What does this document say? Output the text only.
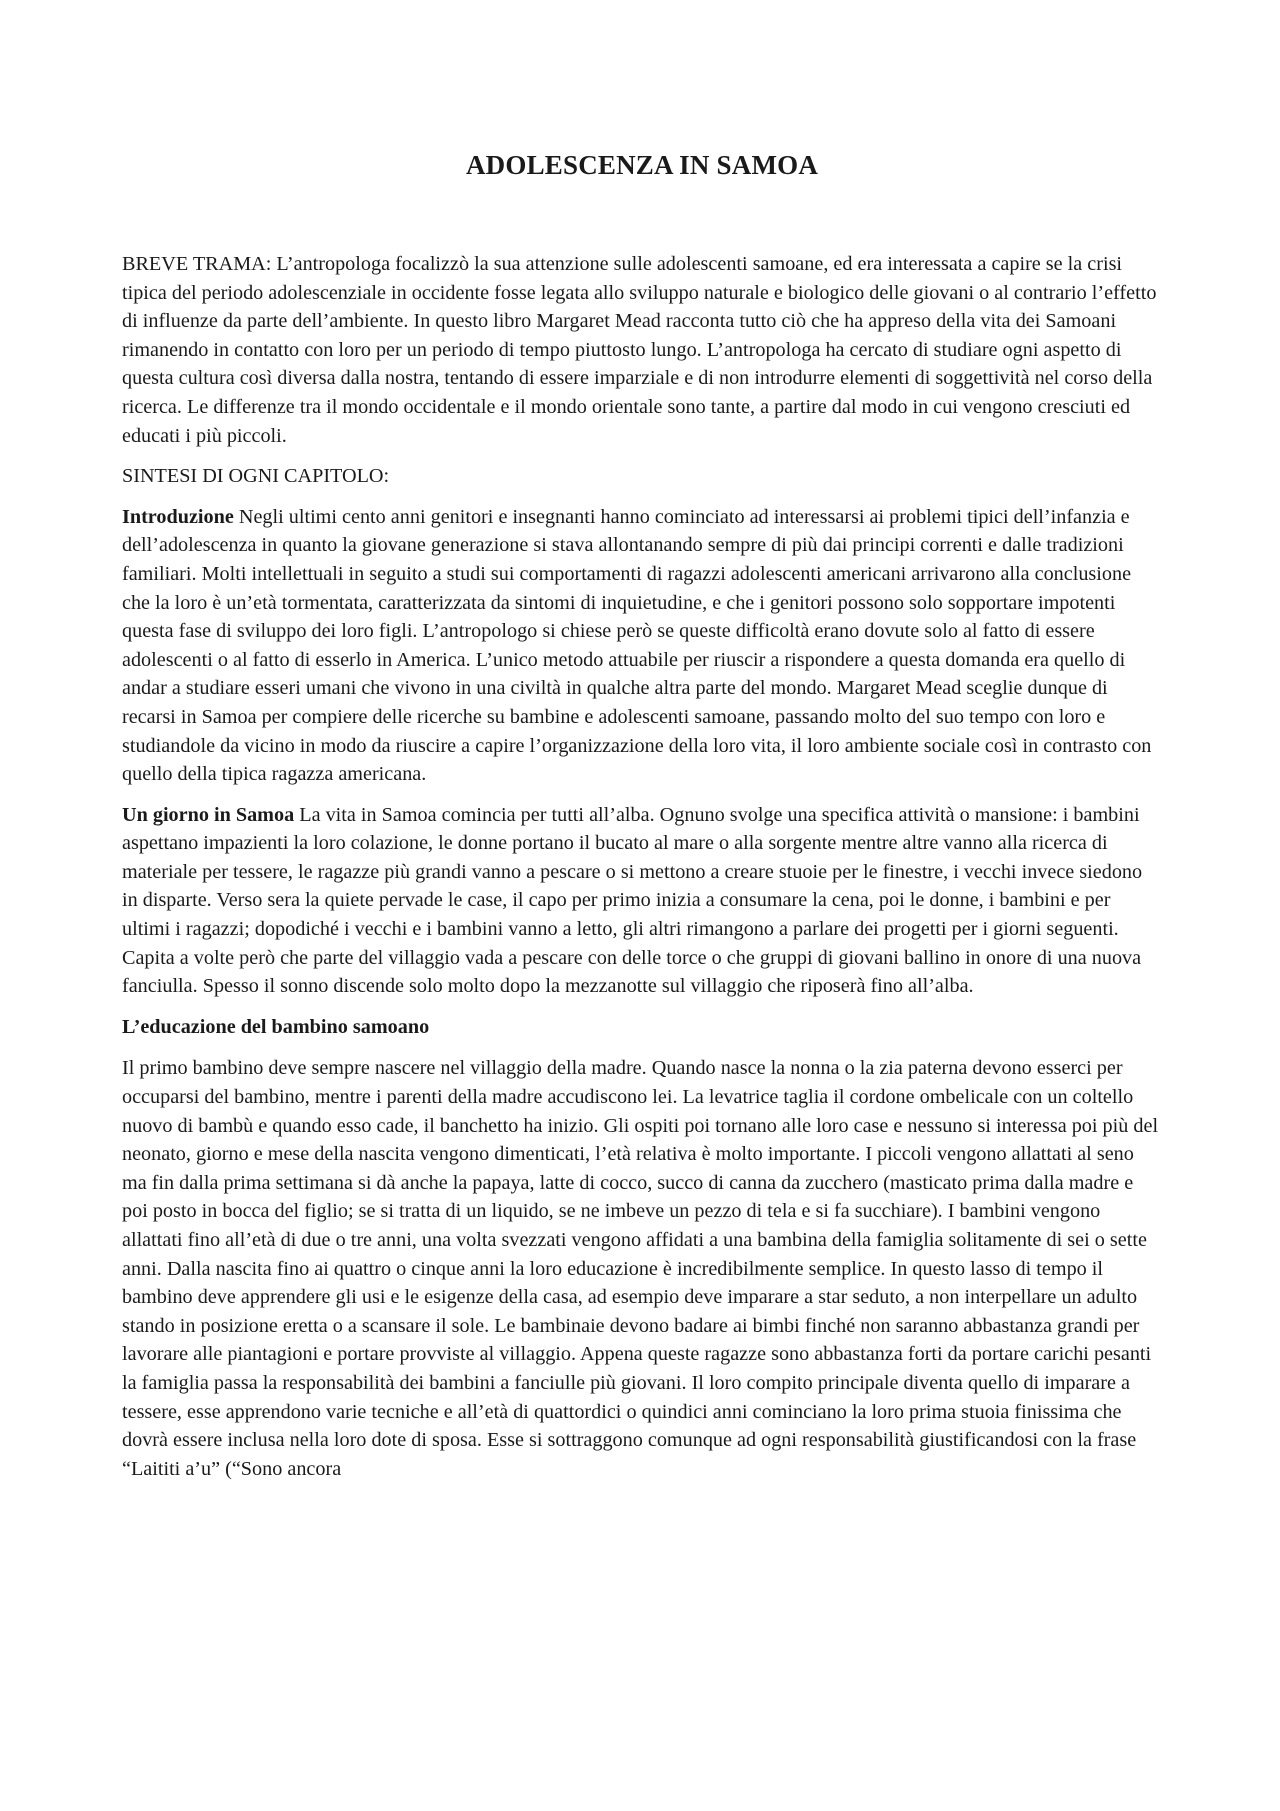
ADOLESCENZA IN SAMOA

BREVE TRAMA: L’antropologa focalizzò la sua attenzione sulle adolescenti samoane, ed era interessata a capire se la crisi tipica del periodo adolescenziale in occidente fosse legata allo sviluppo naturale e biologico delle giovani o al contrario l’effetto di influenze da parte dell’ambiente. In questo libro Margaret Mead racconta tutto ciò che ha appreso della vita dei Samoani rimanendo in contatto con loro per un periodo di tempo piuttosto lungo. L’antropologa ha cercato di studiare ogni aspetto di questa cultura così diversa dalla nostra, tentando di essere imparziale e di non introdurre elementi di soggettività nel corso della ricerca. Le differenze tra il mondo occidentale e il mondo orientale sono tante, a partire dal modo in cui vengono cresciuti ed educati i più piccoli.

SINTESI DI OGNI CAPITOLO:

Introduzione Negli ultimi cento anni genitori e insegnanti hanno cominciato ad interessarsi ai problemi tipici dell’infanzia e dell’adolescenza in quanto la giovane generazione si stava allontanando sempre di più dai principi correnti e dalle tradizioni familiari. Molti intellettuali in seguito a studi sui comportamenti di ragazzi adolescenti americani arrivarono alla conclusione che la loro è un’età tormentata, caratterizzata da sintomi di inquietudine, e che i genitori possono solo sopportare impotenti questa fase di sviluppo dei loro figli. L’antropologo si chiese però se queste difficoltà erano dovute solo al fatto di essere adolescenti o al fatto di esserlo in America. L’unico metodo attuabile per riuscir a rispondere a questa domanda era quello di andar a studiare esseri umani che vivono in una civiltà in qualche altra parte del mondo. Margaret Mead sceglie dunque di recarsi in Samoa per compiere delle ricerche su bambine e adolescenti samoane, passando molto del suo tempo con loro e studiandole da vicino in modo da riuscire a capire l’organizzazione della loro vita, il loro ambiente sociale così in contrasto con quello della tipica ragazza americana.

Un giorno in Samoa La vita in Samoa comincia per tutti all’alba. Ognuno svolge una specifica attività o mansione: i bambini aspettano impazienti la loro colazione, le donne portano il bucato al mare o alla sorgente mentre altre vanno alla ricerca di materiale per tessere, le ragazze più grandi vanno a pescare o si mettono a creare stuoie per le finestre, i vecchi invece siedono in disparte. Verso sera la quiete pervade le case, il capo per primo inizia a consumare la cena, poi le donne, i bambini e per ultimi i ragazzi; dopodiché i vecchi e i bambini vanno a letto, gli altri rimangono a parlare dei progetti per i giorni seguenti. Capita a volte però che parte del villaggio vada a pescare con delle torce o che gruppi di giovani ballino in onore di una nuova fanciulla. Spesso il sonno discende solo molto dopo la mezzanotte sul villaggio che riposerà fino all’alba.

L’educazione del bambino samoano

Il primo bambino deve sempre nascere nel villaggio della madre. Quando nasce la nonna o la zia paterna devono esserci per occuparsi del bambino, mentre i parenti della madre accudiscono lei. La levatrice taglia il cordone ombelicale con un coltello nuovo di bambù e quando esso cade, il banchetto ha inizio. Gli ospiti poi tornano alle loro case e nessuno si interessa poi più del neonato, giorno e mese della nascita vengono dimenticati, l’età relativa è molto importante. I piccoli vengono allattati al seno ma fin dalla prima settimana si dà anche la papaya, latte di cocco, succo di canna da zucchero (masticato prima dalla madre e poi posto in bocca del figlio; se si tratta di un liquido, se ne imbeve un pezzo di tela e si fa succhiare). I bambini vengono allattati fino all’età di due o tre anni, una volta svezzati vengono affidati a una bambina della famiglia solitamente di sei o sette anni. Dalla nascita fino ai quattro o cinque anni la loro educazione è incredibilmente semplice. In questo lasso di tempo il bambino deve apprendere gli usi e le esigenze della casa, ad esempio deve imparare a star seduto, a non interpellare un adulto stando in posizione eretta o a scansare il sole. Le bambinaie devono badare ai bimbi finché non saranno abbastanza grandi per lavorare alle piantagioni e portare provviste al villaggio. Appena queste ragazze sono abbastanza forti da portare carichi pesanti la famiglia passa la responsabilità dei bambini a fanciulle più giovani. Il loro compito principale diventa quello di imparare a tessere, esse apprendono varie tecniche e all’età di quattordici o quindici anni cominciano la loro prima stuoia finissima che dovrà essere inclusa nella loro dote di sposa. Esse si sottraggono comunque ad ogni responsabilità giustificandosi con la frase “Laititi a’u” (“Sono ancora
